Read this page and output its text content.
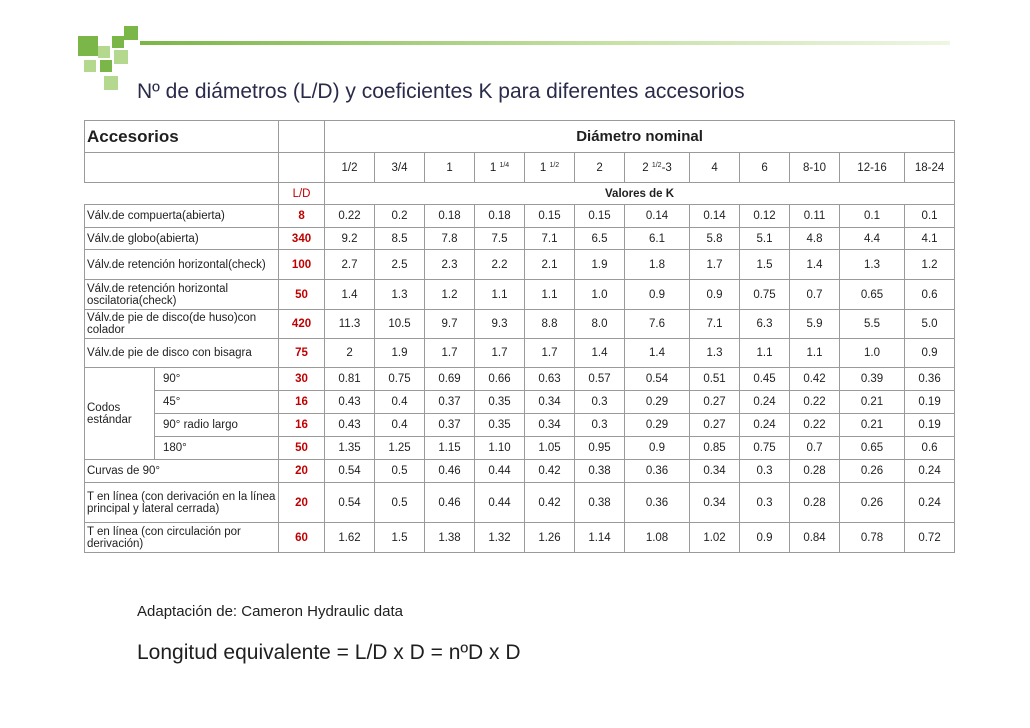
Nº de diámetros (L/D) y coeficientes K para diferentes accesorios
Accesorios			Diámetro nominal											
			1/2	3/4	1	1 $^{1/4}$	1 $^{1/2}$	2	2 $^{1/2}$-3	4	6	8-10	12-16	18-24
		L/D	Valores de K											
Válv.de compuerta(abierta)		8	0.22	0.2	0.18	0.18	0.15	0.15	0.14	0.14	0.12	0.11	0.1	0.1
Válv.de globo(abierta)		340	9.2	8.5	7.8	7.5	7.1	6.5	6.1	5.8	5.1	4.8	4.4	4.1
Válv.de retención horizontal(check)		100	2.7	2.5	2.3	2.2	2.1	1.9	1.8	1.7	1.5	1.4	1.3	1.2
Válv.de retención horizontal oscilatoria(check)		50	1.4	1.3	1.2	1.1	1.1	1.0	0.9	0.9	0.75	0.7	0.65	0.6
Válv.de pie de disco(de huso)con colador		420	11.3	10.5	9.7	9.3	8.8	8.0	7.6	7.1	6.3	5.9	5.5	5.0
Válv.de pie de disco con bisagra		75	2	1.9	1.7	1.7	1.7	1.4	1.4	1.3	1.1	1.1	1.0	0.9
Codos estándar	90°	30	0.81	0.75	0.69	0.66	0.63	0.57	0.54	0.51	0.45	0.42	0.39	0.36
	45°	16	0.43	0.4	0.37	0.35	0.34	0.3	0.29	0.27	0.24	0.22	0.21	0.19
	90° radio largo	16	0.43	0.4	0.37	0.35	0.34	0.3	0.29	0.27	0.24	0.22	0.21	0.19
	180°	50	1.35	1.25	1.15	1.10	1.05	0.95	0.9	0.85	0.75	0.7	0.65	0.6
Curvas de 90°		20	0.54	0.5	0.46	0.44	0.42	0.38	0.36	0.34	0.3	0.28	0.26	0.24
T en línea (con derivación en la línea principal y lateral cerrada)		20	0.54	0.5	0.46	0.44	0.42	0.38	0.36	0.34	0.3	0.28	0.26	0.24
T en línea (con circulación por derivación)		60	1.62	1.5	1.38	1.32	1.26	1.14	1.08	1.02	0.9	0.84	0.78	0.72
Adaptación de: Cameron Hydraulic data
Longitud equivalente = L/D x D = nºD x D
